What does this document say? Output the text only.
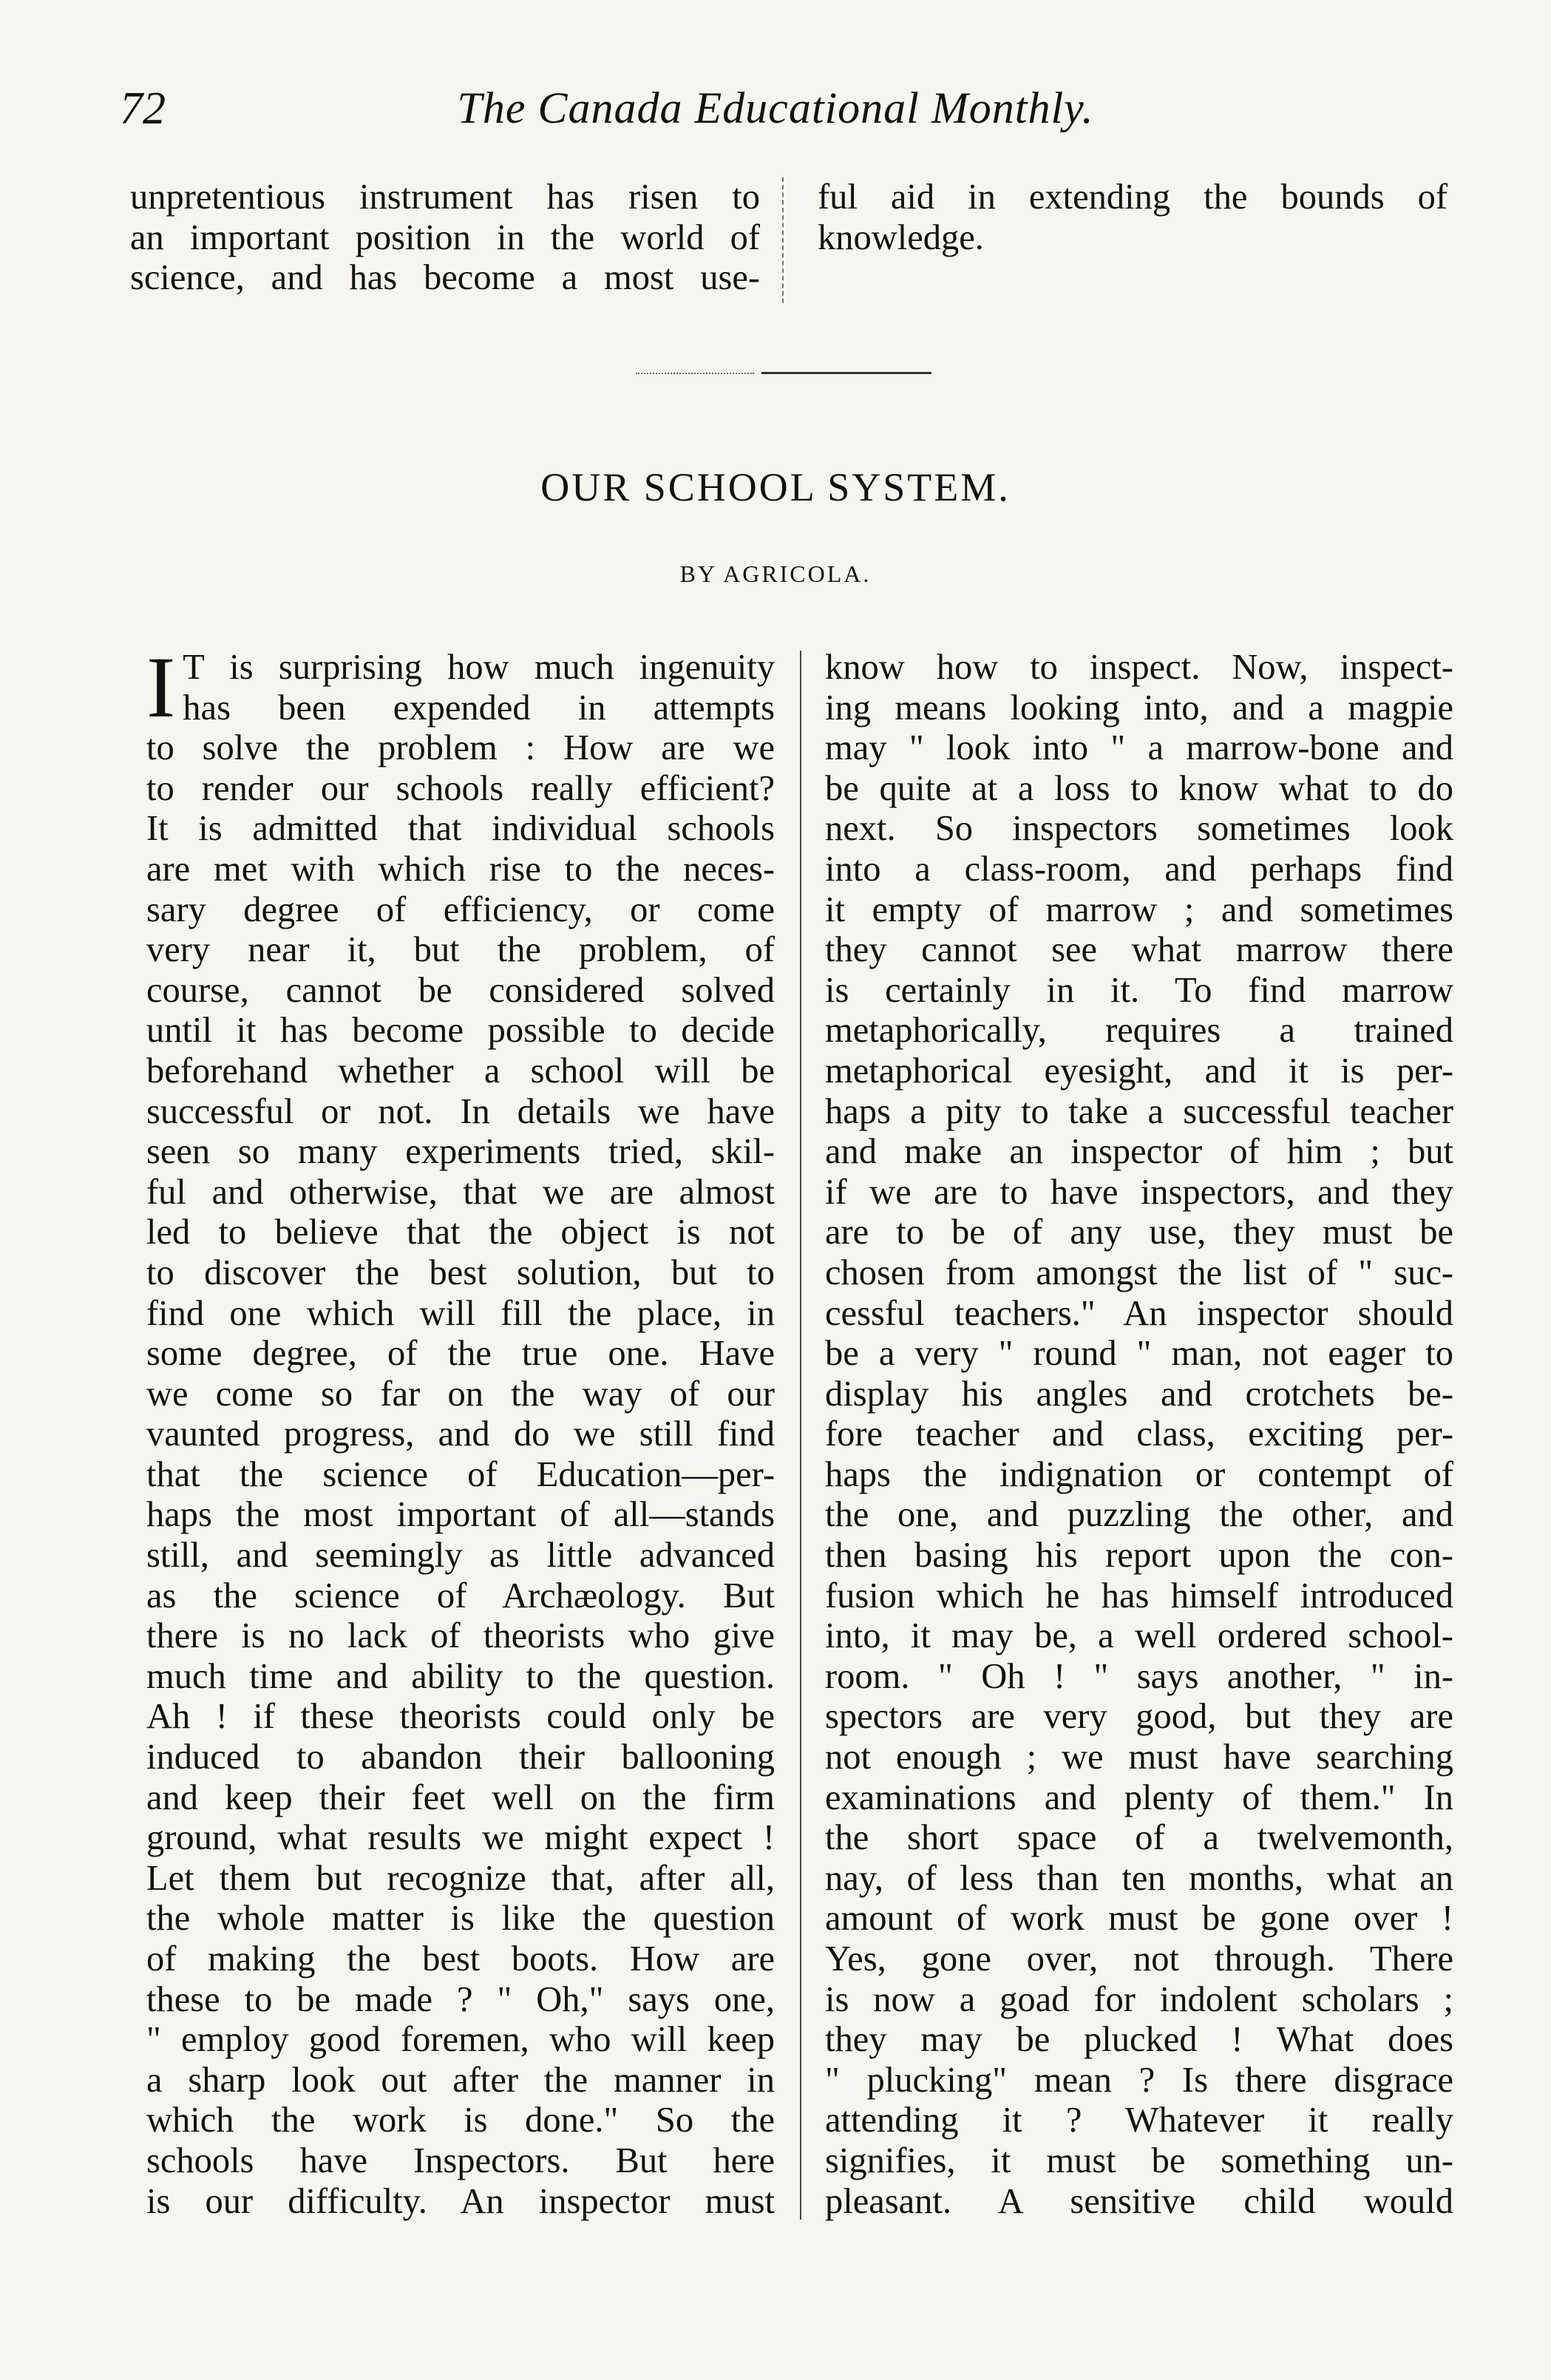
The Canada Educational Monthly.
72
unpretentious instrument has risen to
an important position in the world of
science, and has become a most use-
ful aid in extending the bounds of
knowledge.
OUR SCHOOL SYSTEM.
BY AGRICOLA.
I T is surprising how much ingenuity
has been expended in attempts
to solve the problem : How are we
to render our schools really efficient?
It is admitted that individual schools
are met with which rise to the neces-
sary degree of efficiency, or come
very near it, but the problem, of
course, cannot be considered solved
until it has become possible to decide
beforehand whether a school will be
successful or not. In details we have
seen so many experiments tried, skil-
ful and otherwise, that we are almost
led to believe that the object is not
to discover the best solution, but to
find one which will fill the place, in
some degree, of the true one. Have
we come so far on the way of our
vaunted progress, and do we still find
that the science of Education—per-
haps the most important of all—stands
still, and seemingly as little advanced
as the science of Archæology. But
there is no lack of theorists who give
much time and ability to the question.
Ah ! if these theorists could only be
induced to abandon their ballooning
and keep their feet well on the firm
ground, what results we might expect !
Let them but recognize that, after all,
the whole matter is like the question
of making the best boots. How are
these to be made ? " Oh," says one,
" employ good foremen, who will keep
a sharp look out after the manner in
which the work is done." So the
schools have Inspectors. But here
is our difficulty. An inspector must
know how to inspect. Now, inspect-
ing means looking into, and a magpie
may " look into " a marrow-bone and
be quite at a loss to know what to do
next. So inspectors sometimes look
into a class-room, and perhaps find
it empty of marrow ; and sometimes
they cannot see what marrow there
is certainly in it. To find marrow
metaphorically, requires a trained
metaphorical eyesight, and it is per-
haps a pity to take a successful teacher
and make an inspector of him ; but
if we are to have inspectors, and they
are to be of any use, they must be
chosen from amongst the list of " suc-
cessful teachers." An inspector should
be a very " round " man, not eager to
display his angles and crotchets be-
fore teacher and class, exciting per-
haps the indignation or contempt of
the one, and puzzling the other, and
then basing his report upon the con-
fusion which he has himself introduced
into, it may be, a well ordered school-
room. " Oh ! " says another, " in-
spectors are very good, but they are
not enough ; we must have searching
examinations and plenty of them." In
the short space of a twelvemonth,
nay, of less than ten months, what an
amount of work must be gone over !
Yes, gone over, not through. There
is now a goad for indolent scholars ;
they may be plucked ! What does
" plucking" mean ? Is there disgrace
attending it ? Whatever it really
signifies, it must be something un-
pleasant. A sensitive child would
